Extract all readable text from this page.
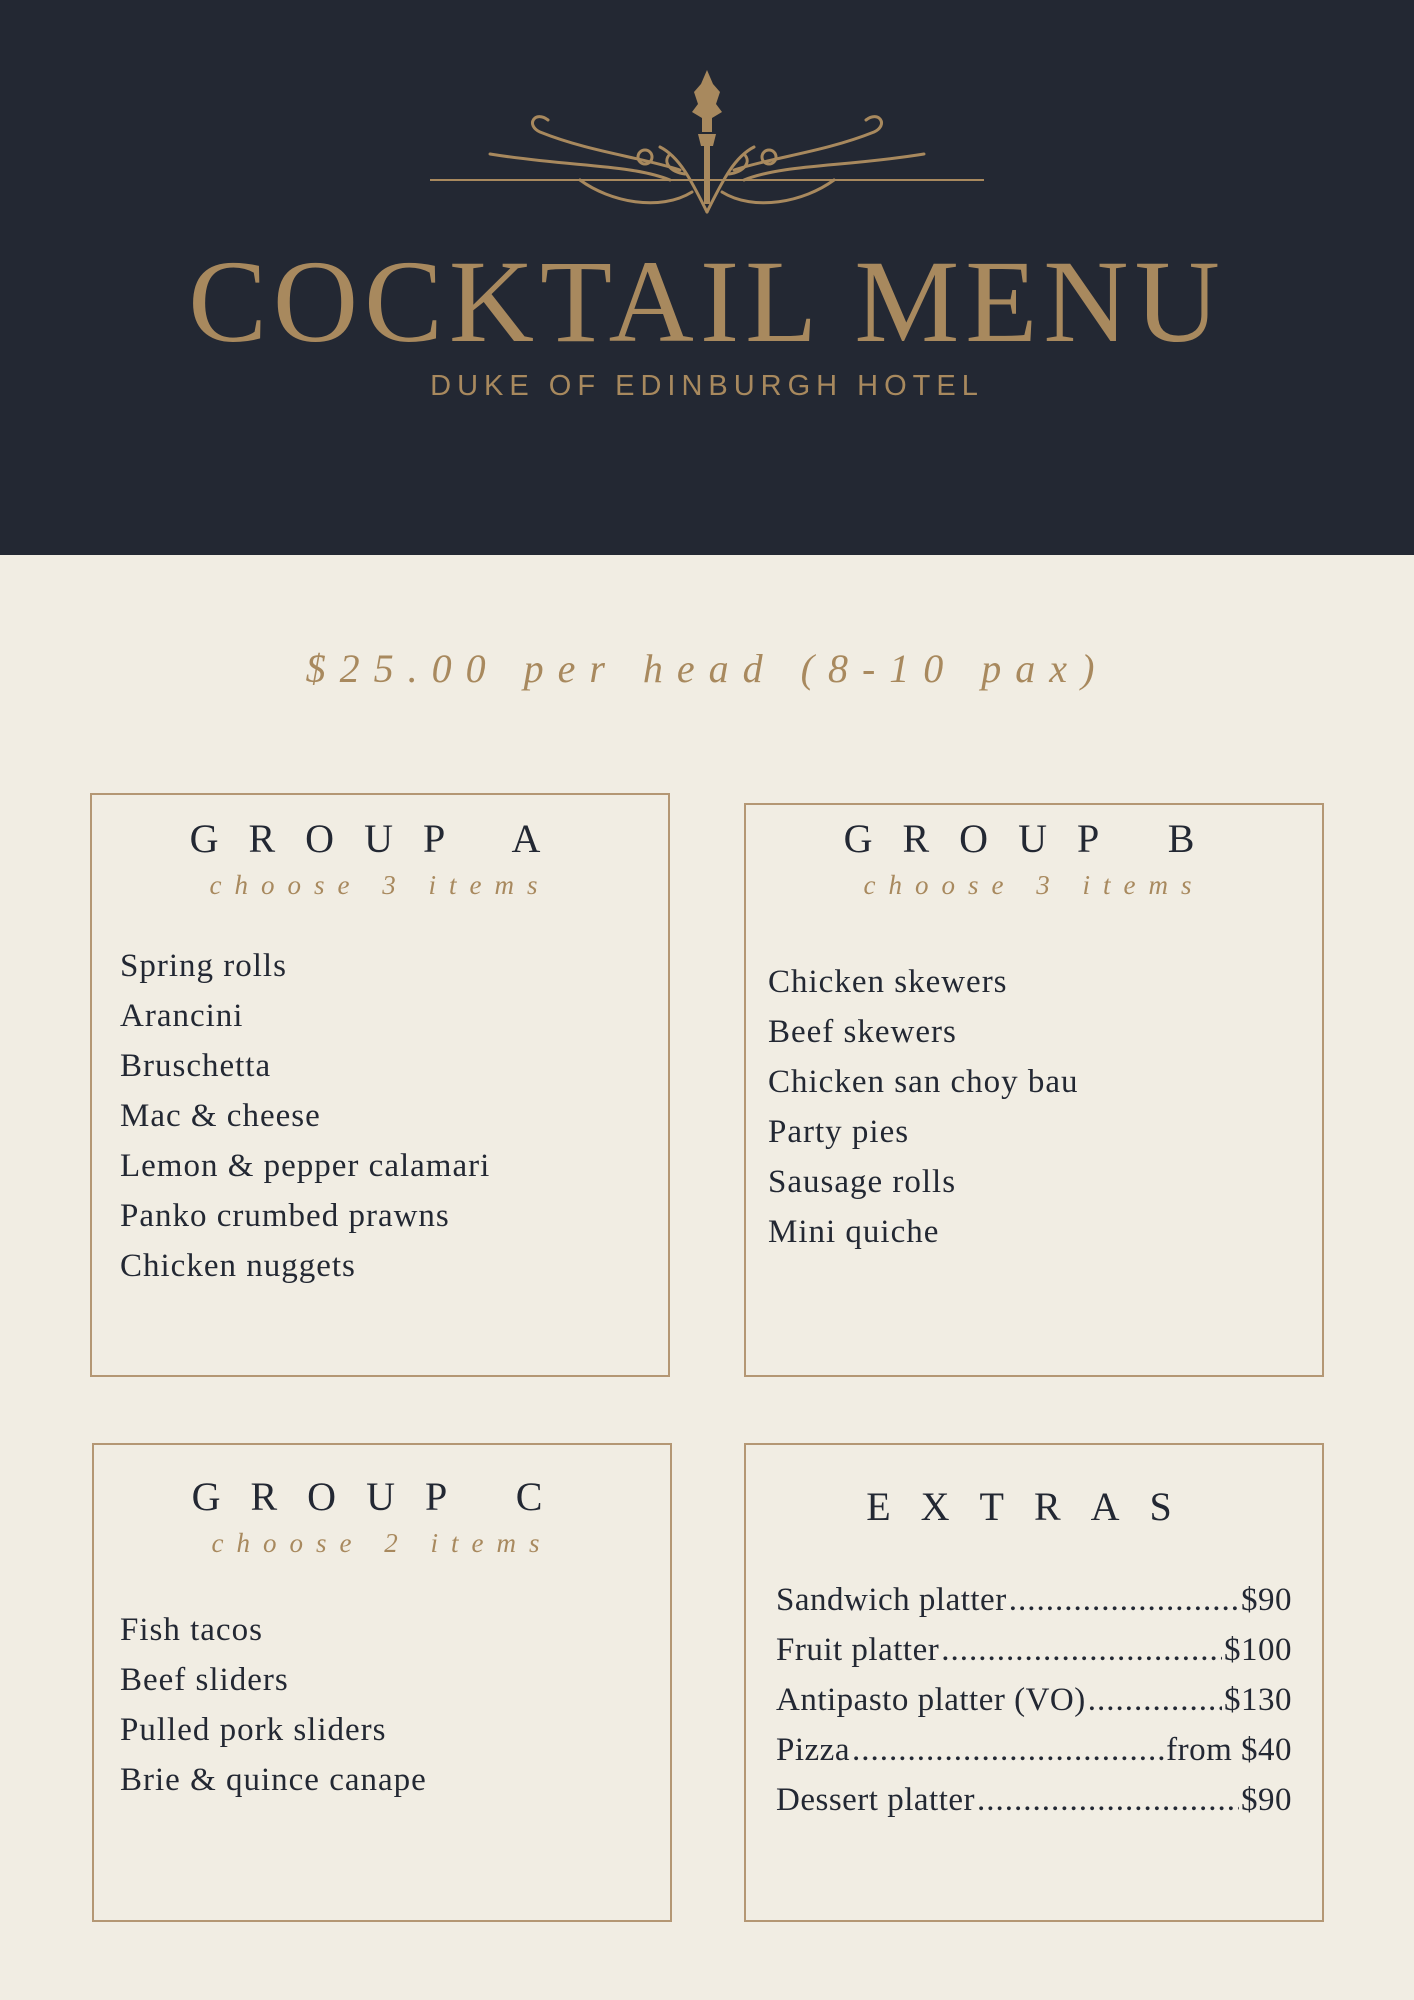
COCKTAIL MENU
DUKE OF EDINBURGH HOTEL
$25.00 per head (8-10 pax)
GROUP A
choose 3 items
Spring rolls
Arancini
Bruschetta
Mac & cheese
Lemon & pepper calamari
Panko crumbed prawns
Chicken nuggets
GROUP B
choose 3 items
Chicken skewers
Beef skewers
Chicken san choy bau
Party pies
Sausage rolls
Mini quiche
GROUP C
choose 2 items
Fish tacos
Beef sliders
Pulled pork sliders
Brie & quince canape
EXTRAS
Sandwich platter .....	$90
Fruit platter .....	$100
Antipasto platter (VO) .....	$130
Pizza .....	from $40
Dessert platter .....	$90
